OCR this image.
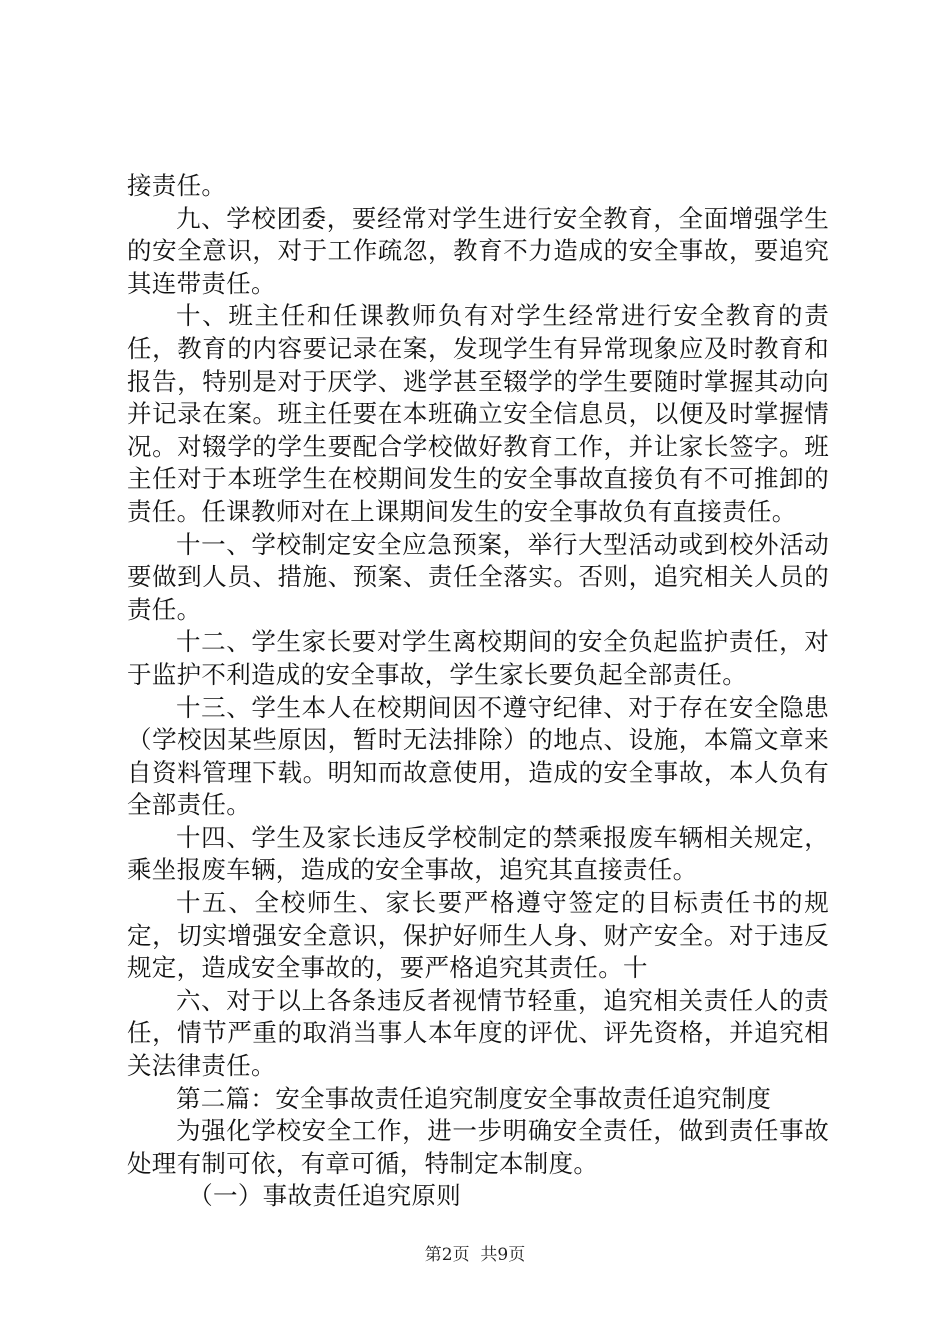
接责任。

九、学校团委，要经常对学生进行安全教育，全面增强学生的安全意识，对于工作疏忽，教育不力造成的安全事故，要追究其连带责任。

十、班主任和任课教师负有对学生经常进行安全教育的责任，教育的内容要记录在案，发现学生有异常现象应及时教育和报告，特别是对于厌学、逃学甚至辍学的学生要随时掌握其动向并记录在案。班主任要在本班确立安全信息员，以便及时掌握情况。对辍学的学生要配合学校做好教育工作，并让家长签字。班主任对于本班学生在校期间发生的安全事故直接负有不可推卸的责任。任课教师对在上课期间发生的安全事故负有直接责任。

十一、学校制定安全应急预案，举行大型活动或到校外活动要做到人员、措施、预案、责任全落实。否则，追究相关人员的责任。

十二、学生家长要对学生离校期间的安全负起监护责任，对于监护不利造成的安全事故，学生家长要负起全部责任。

十三、学生本人在校期间因不遵守纪律、对于存在安全隐患（学校因某些原因，暂时无法排除）的地点、设施，本篇文章来自资料管理下载。明知而故意使用，造成的安全事故，本人负有全部责任。

十四、学生及家长违反学校制定的禁乘报废车辆相关规定，乘坐报废车辆，造成的安全事故，追究其直接责任。

十五、全校师生、家长要严格遵守签定的目标责任书的规定，切实增强安全意识，保护好师生人身、财产安全。对于违反规定，造成安全事故的，要严格追究其责任。十

六、对于以上各条违反者视情节轻重，追究相关责任人的责任，情节严重的取消当事人本年度的评优、评先资格，并追究相关法律责任。

第二篇：安全事故责任追究制度安全事故责任追究制度

为强化学校安全工作，进一步明确安全责任，做到责任事故处理有制可依，有章可循，特制定本制度。

（一）事故责任追究原则

第2页  共9页
